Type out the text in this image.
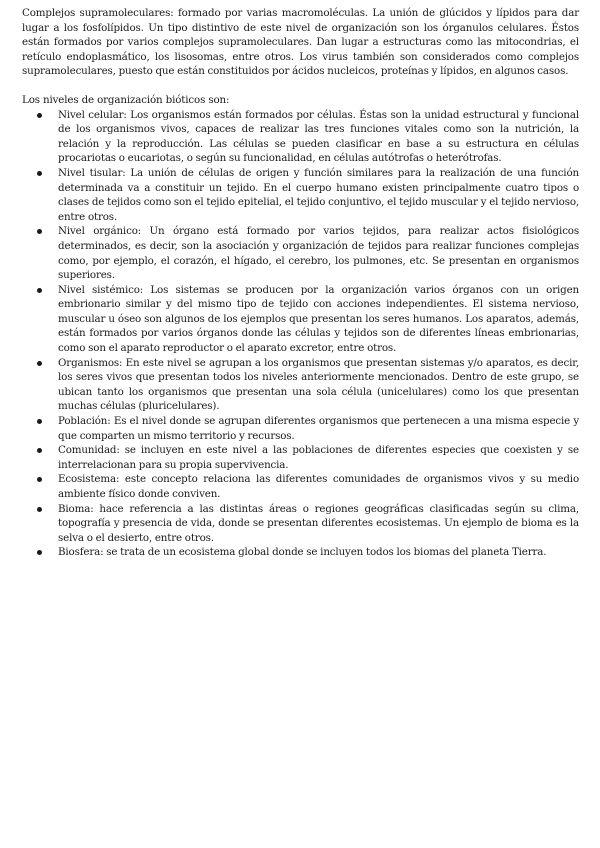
Complejos supramoleculares: formado por varias macromoléculas. La unión de glúcidos y lípidos para dar lugar a los fosfolípidos. Un tipo distintivo de este nivel de organización son los órganulos celulares. Éstos están formados por varios complejos supramoleculares. Dan lugar a estructuras como las mitocondrias, el retículo endoplasmático, los lisosomas, entre otros. Los virus también son considerados como complejos supramoleculares, puesto que están constituidos por ácidos nucleicos, proteínas y lípidos, en algunos casos.

Los niveles de organización bióticos son:

Nivel celular: Los organismos están formados por células. Éstas son la unidad estructural y funcional de los organismos vivos, capaces de realizar las tres funciones vitales como son la nutrición, la relación y la reproducción. Las células se pueden clasificar en base a su estructura en células procariotas o eucariotas, o según su funcionalidad, en células autótrofas o heterótrofas.
Nivel tisular: La unión de células de origen y función similares para la realización de una función determinada va a constituir un tejido. En el cuerpo humano existen principalmente cuatro tipos o clases de tejidos como son el tejido epitelial, el tejido conjuntivo, el tejido muscular y el tejido nervioso, entre otros.
Nivel orgánico: Un órgano está formado por varios tejidos, para realizar actos fisiológicos determinados, es decir, son la asociación y organización de tejidos para realizar funciones complejas como, por ejemplo, el corazón, el hígado, el cerebro, los pulmones, etc. Se presentan en organismos superiores.
Nivel sistémico: Los sistemas se producen por la organización varios órganos con un origen embrionario similar y del mismo tipo de tejido con acciones independientes. El sistema nervioso, muscular u óseo son algunos de los ejemplos que presentan los seres humanos. Los aparatos, además, están formados por varios órganos donde las células y tejidos son de diferentes líneas embrionarias, como son el aparato reproductor o el aparato excretor, entre otros.
Organismos: En este nivel se agrupan a los organismos que presentan sistemas y/o aparatos, es decir, los seres vivos que presentan todos los niveles anteriormente mencionados. Dentro de este grupo, se ubican tanto los organismos que presentan una sola célula (unicelulares) como los que presentan muchas células (pluricelulares).
Población: Es el nivel donde se agrupan diferentes organismos que pertenecen a una misma especie y que comparten un mismo territorio y recursos.
Comunidad: se incluyen en este nivel a las poblaciones de diferentes especies que coexisten y se interrelacionan para su propia supervivencia.
Ecosistema: este concepto relaciona las diferentes comunidades de organismos vivos y su medio ambiente físico donde conviven.
Bioma: hace referencia a las distintas áreas o regiones geográficas clasificadas según su clima, topografía y presencia de vida, donde se presentan diferentes ecosistemas. Un ejemplo de bioma es la selva o el desierto, entre otros.
Biosfera: se trata de un ecosistema global donde se incluyen todos los biomas del planeta Tierra.
